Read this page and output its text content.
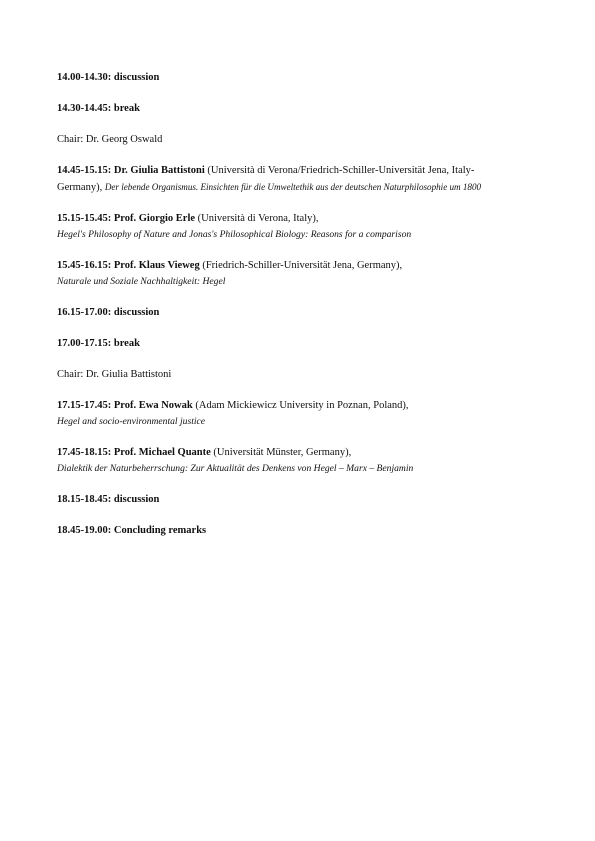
14.00-14.30: discussion

14.30-14.45: break

Chair: Dr. Georg Oswald

14.45-15.15: Dr. Giulia Battistoni (Università di Verona/Friedrich-Schiller-Universität Jena, Italy-

Germany), Der lebende Organismus. Einsichten für die Umweltethik aus der deutschen Naturphilosophie um 1800

15.15-15.45: Prof. Giorgio Erle (Università di Verona, Italy),

Hegel's Philosophy of Nature and Jonas's Philosophical Biology: Reasons for a comparison

15.45-16.15: Prof. Klaus Vieweg (Friedrich-Schiller-Universität Jena, Germany),

Naturale und Soziale Nachhaltigkeit: Hegel

16.15-17.00: discussion

17.00-17.15: break

Chair: Dr. Giulia Battistoni

17.15-17.45: Prof. Ewa Nowak (Adam Mickiewicz University in Poznan, Poland),

Hegel and socio-environmental justice

17.45-18.15: Prof. Michael Quante (Universität Münster, Germany),

Dialektik der Naturbeherrschung: Zur Aktualität des Denkens von Hegel – Marx – Benjamin

18.15-18.45: discussion

18.45-19.00: Concluding remarks
